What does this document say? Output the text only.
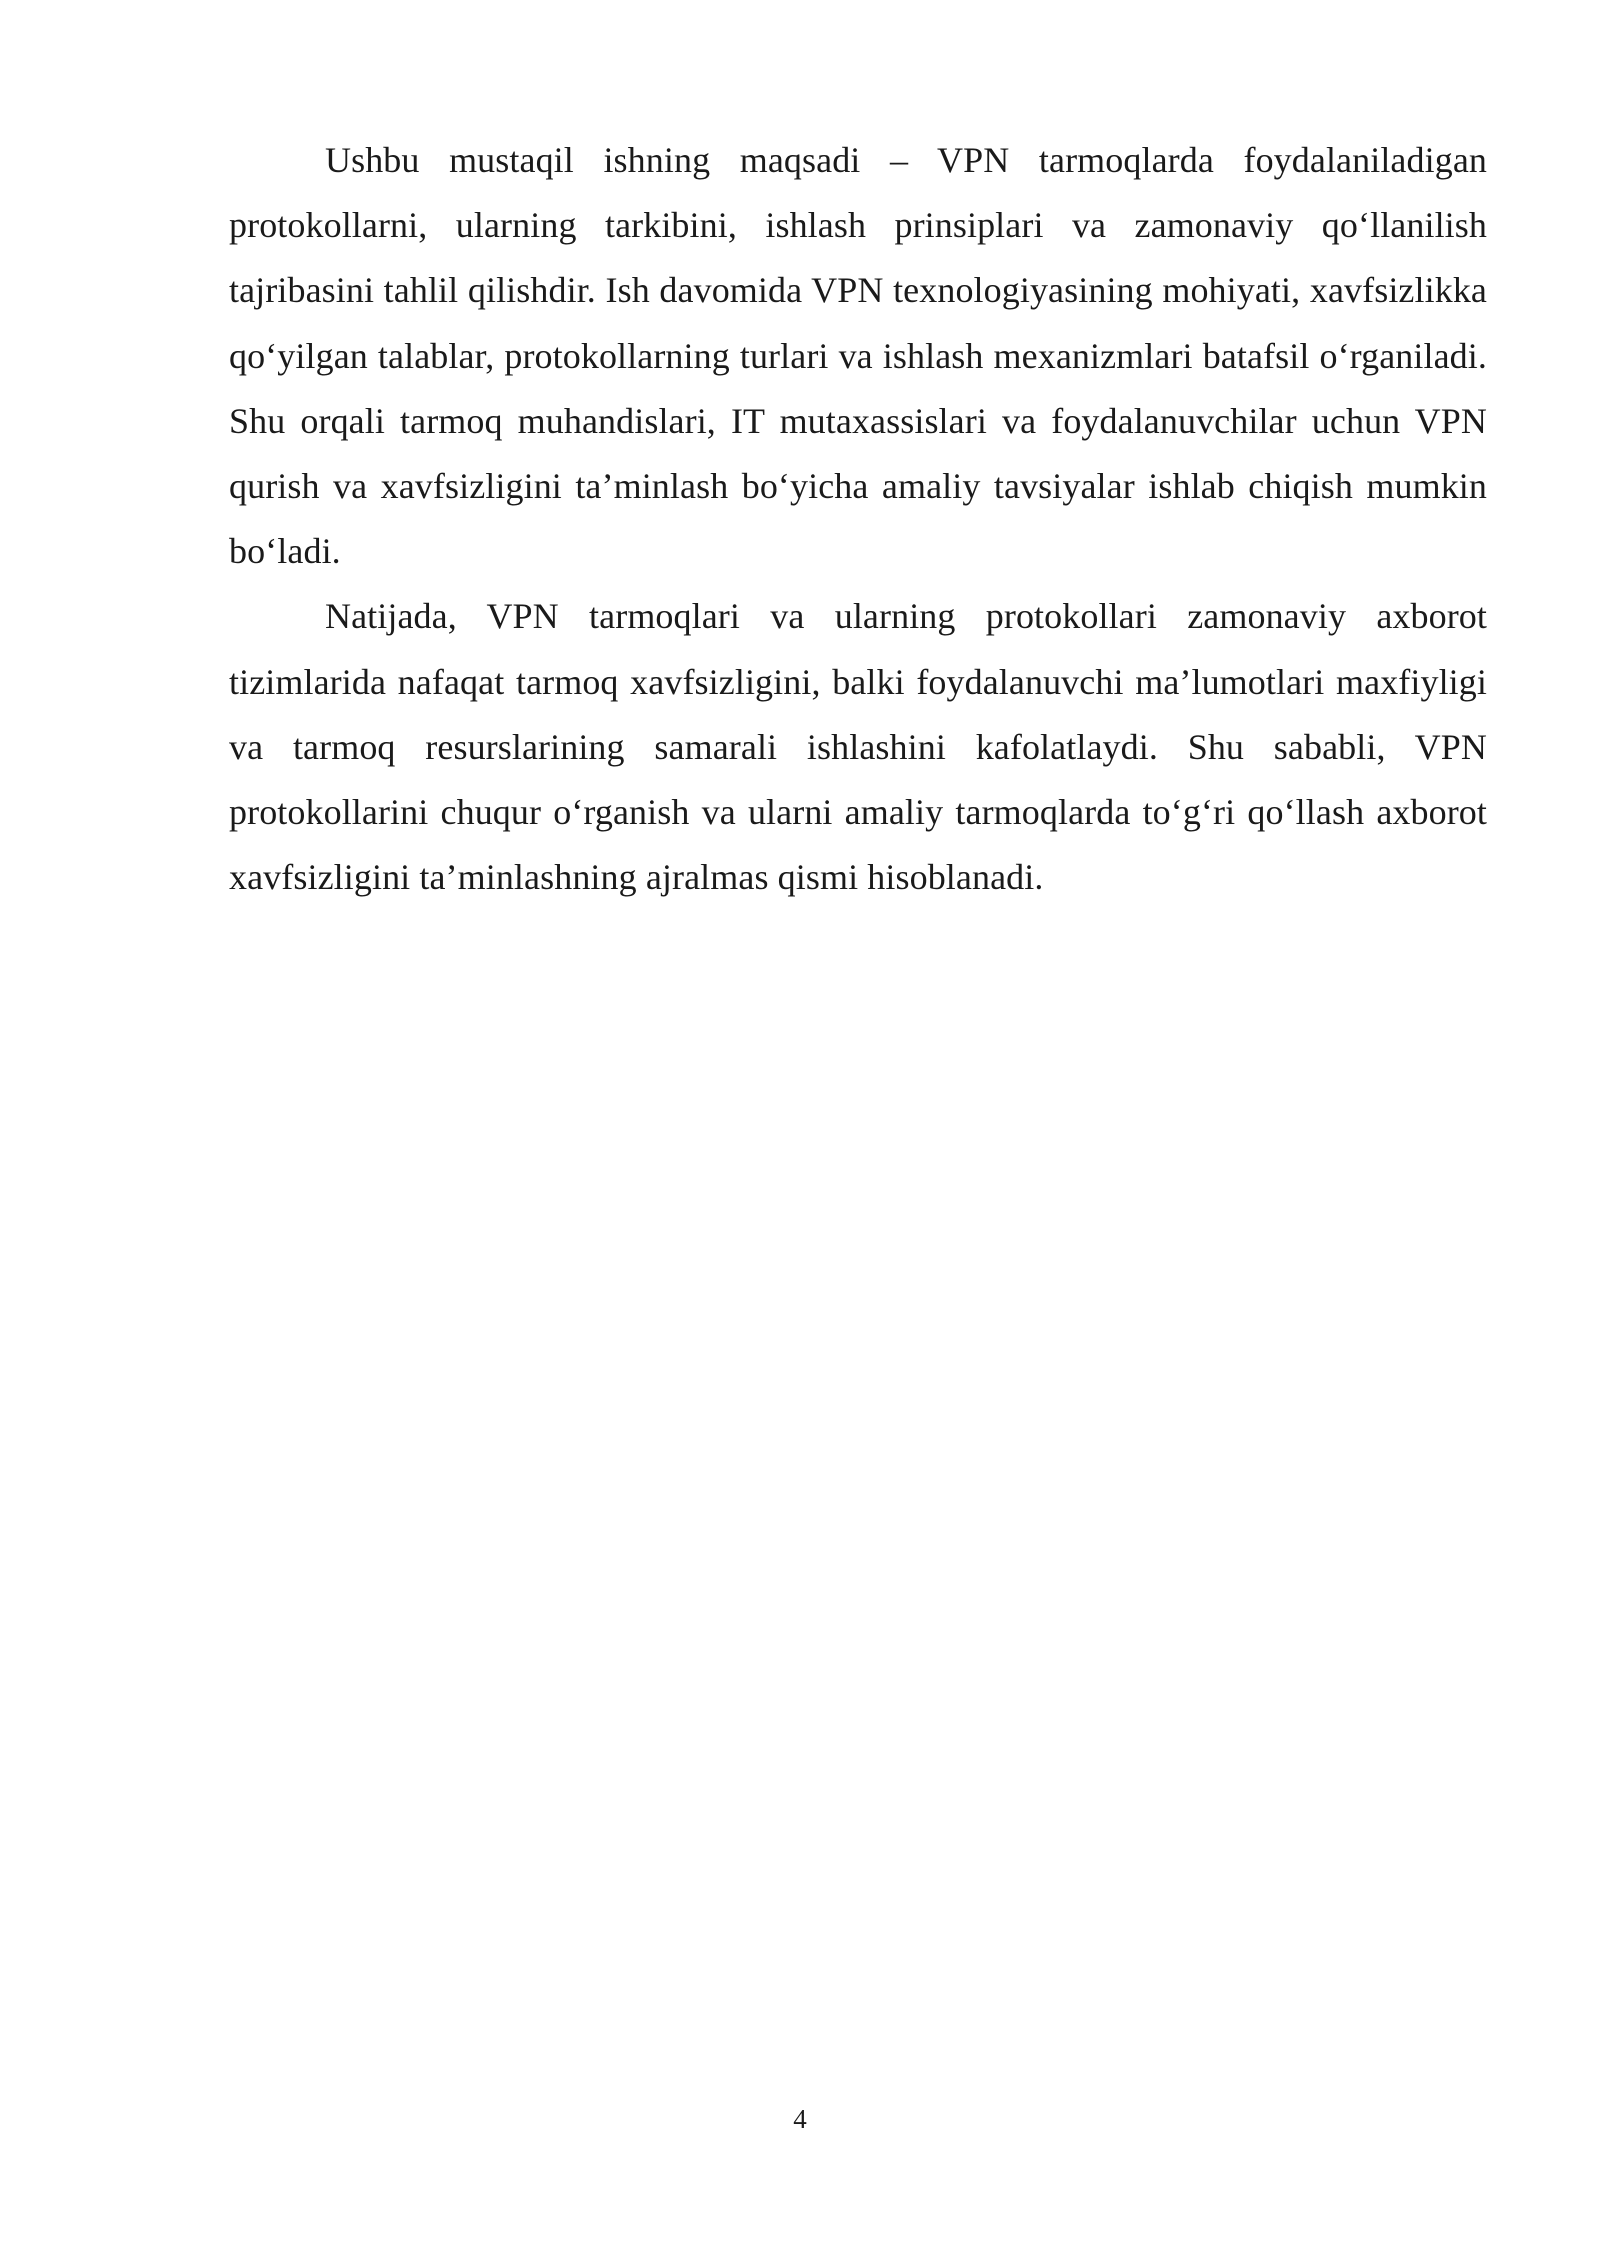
Ushbu mustaqil ishning maqsadi – VPN tarmoqlarda foydalaniladigan protokollarni, ularning tarkibini, ishlash prinsiplari va zamonaviy qo‘llanilish tajribasini tahlil qilishdir. Ish davomida VPN texnologiyasining mohiyati, xavfsizlikka qo‘yilgan talablar, protokollarning turlari va ishlash mexanizmlari batafsil o‘rganiladi. Shu orqali tarmoq muhandislari, IT mutaxassislari va foydalanuvchilar uchun VPN qurish va xavfsizligini ta’minlash bo‘yicha amaliy tavsiyalar ishlab chiqish mumkin bo‘ladi.

Natijada, VPN tarmoqlari va ularning protokollari zamonaviy axborot tizimlarida nafaqat tarmoq xavfsizligini, balki foydalanuvchi ma’lumotlari maxfiyligi va tarmoq resurslarining samarali ishlashini kafolatlaydi. Shu sababli, VPN protokollarini chuqur o‘rganish va ularni amaliy tarmoqlarda to‘g‘ri qo‘llash axborot xavfsizligini ta’minlashning ajralmas qismi hisoblanadi.

4
